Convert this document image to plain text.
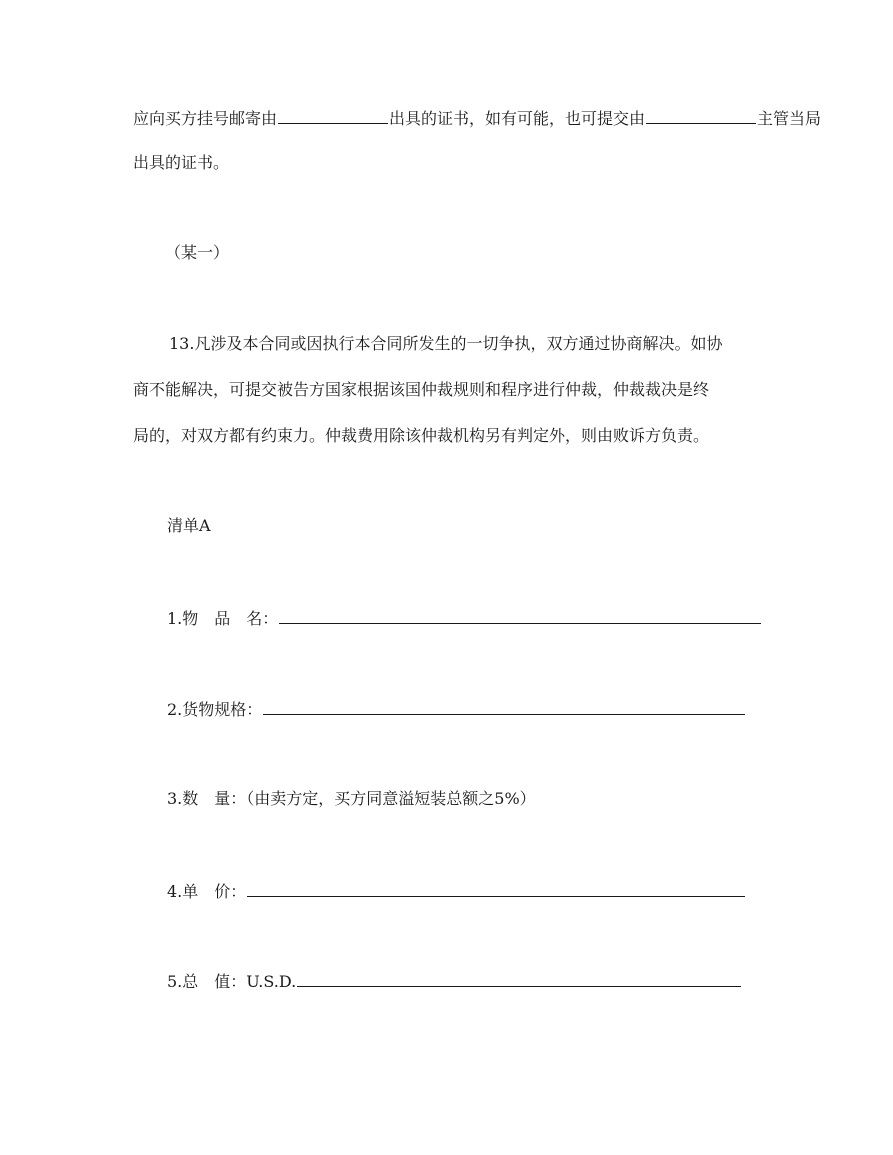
应向买方挂号邮寄由	出具的证书，如有可能，也可提交由	主管当局
出具的证书。
（某一）
13.凡涉及本合同或因执行本合同所发生的一切争执，双方通过协商解决。如协
商不能解决，可提交被告方国家根据该国仲裁规则和程序进行仲裁，仲裁裁决是终
局的，对双方都有约束力。仲裁费用除该仲裁机构另有判定外，则由败诉方负责。
清单A
1.物　品　名：
2.货物规格：
3.数　量：（由卖方定，买方同意溢短装总额之5%）
4.单　价：
5.总　值：U.S.D.
